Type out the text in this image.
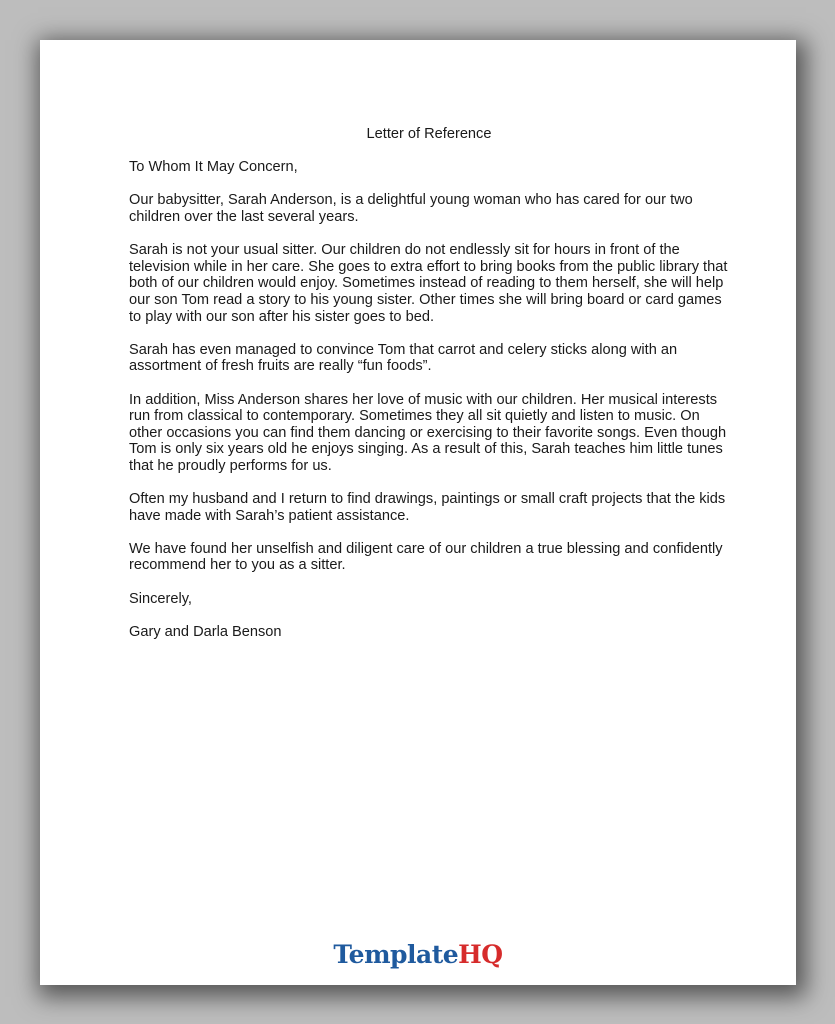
Letter of Reference

To Whom It May Concern,

Our babysitter, Sarah Anderson, is a delightful young woman who has cared for our two children over the last several years.

Sarah is not your usual sitter. Our children do not endlessly sit for hours in front of the television while in her care. She goes to extra effort to bring books from the public library that both of our children would enjoy. Sometimes instead of reading to them herself, she will help our son Tom read a story to his young sister. Other times she will bring board or card games to play with our son after his sister goes to bed.

Sarah has even managed to convince Tom that carrot and celery sticks along with an assortment of fresh fruits are really “fun foods”.

In addition, Miss Anderson shares her love of music with our children. Her musical interests run from classical to contemporary. Sometimes they all sit quietly and listen to music. On other occasions you can find them dancing or exercising to their favorite songs. Even though Tom is only six years old he enjoys singing. As a result of this, Sarah teaches him little tunes that he proudly performs for us.

Often my husband and I return to find drawings, paintings or small craft projects that the kids have made with Sarah’s patient assistance.

We have found her unselfish and diligent care of our children a true blessing and confidently recommend her to you as a sitter.

Sincerely,

Gary and Darla Benson

TemplateHQ
